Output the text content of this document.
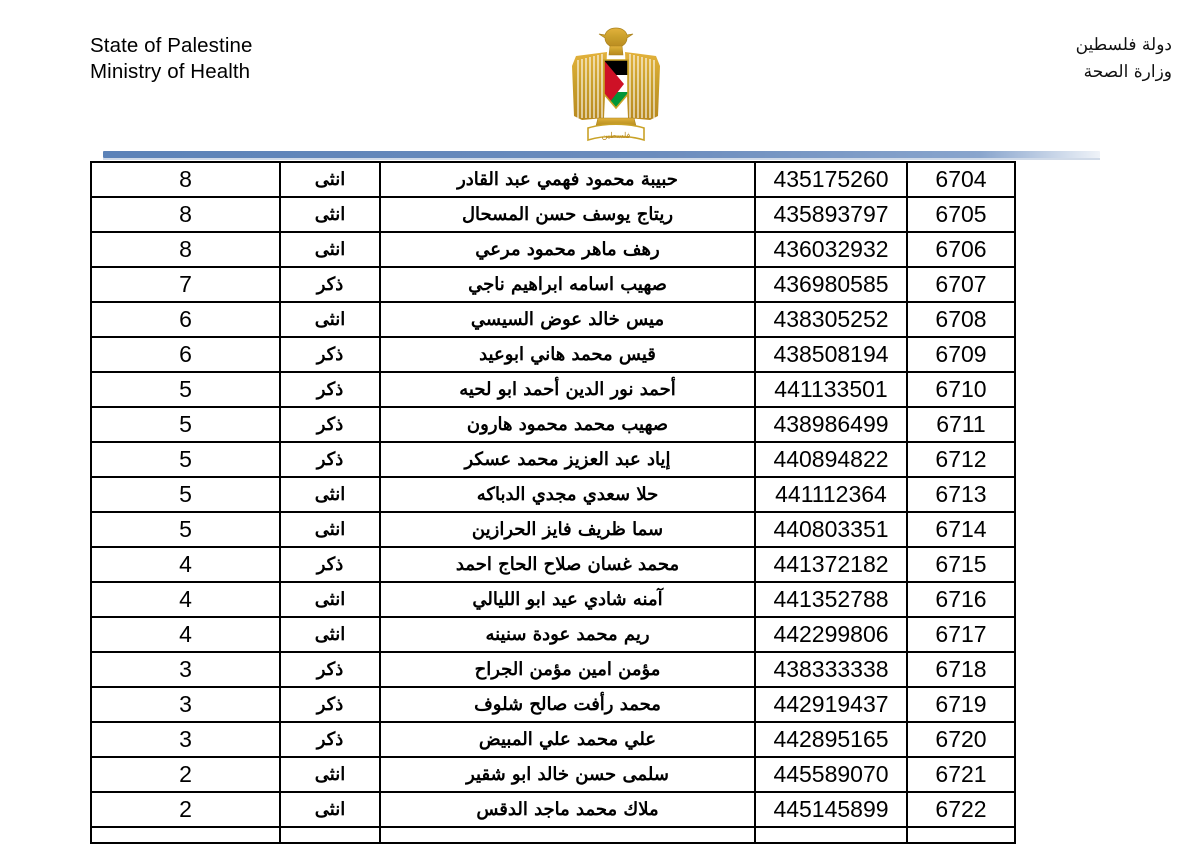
State of Palestine
Ministry of Health
فلسطين
دولة فلسطين
وزارة الصحة
6704	435175260	حبيبة محمود فهمي عبد القادر	انثى	8
6705	435893797	ريتاج يوسف حسن المسحال	انثى	8
6706	436032932	رهف ماهر محمود مرعي	انثى	8
6707	436980585	صهيب اسامه ابراهيم ناجي	ذكر	7
6708	438305252	ميس خالد عوض السيسي	انثى	6
6709	438508194	قيس محمد هاني ابوعيد	ذكر	6
6710	441133501	أحمد نور الدين أحمد ابو لحيه	ذكر	5
6711	438986499	صهيب محمد محمود هارون	ذكر	5
6712	440894822	إياد عبد العزيز محمد عسكر	ذكر	5
6713	441112364	حلا سعدي مجدي الدباكه	انثى	5
6714	440803351	سما ظريف فايز الحرازين	انثى	5
6715	441372182	محمد غسان صلاح الحاج احمد	ذكر	4
6716	441352788	آمنه شادي عيد ابو الليالي	انثى	4
6717	442299806	ريم محمد عودة سنينه	انثى	4
6718	438333338	مؤمن امين مؤمن الجراح	ذكر	3
6719	442919437	محمد رأفت صالح شلوف	ذكر	3
6720	442895165	علي محمد علي المبيض	ذكر	3
6721	445589070	سلمى حسن خالد ابو شقير	انثى	2
6722	445145899	ملاك محمد ماجد الدقس	انثى	2
